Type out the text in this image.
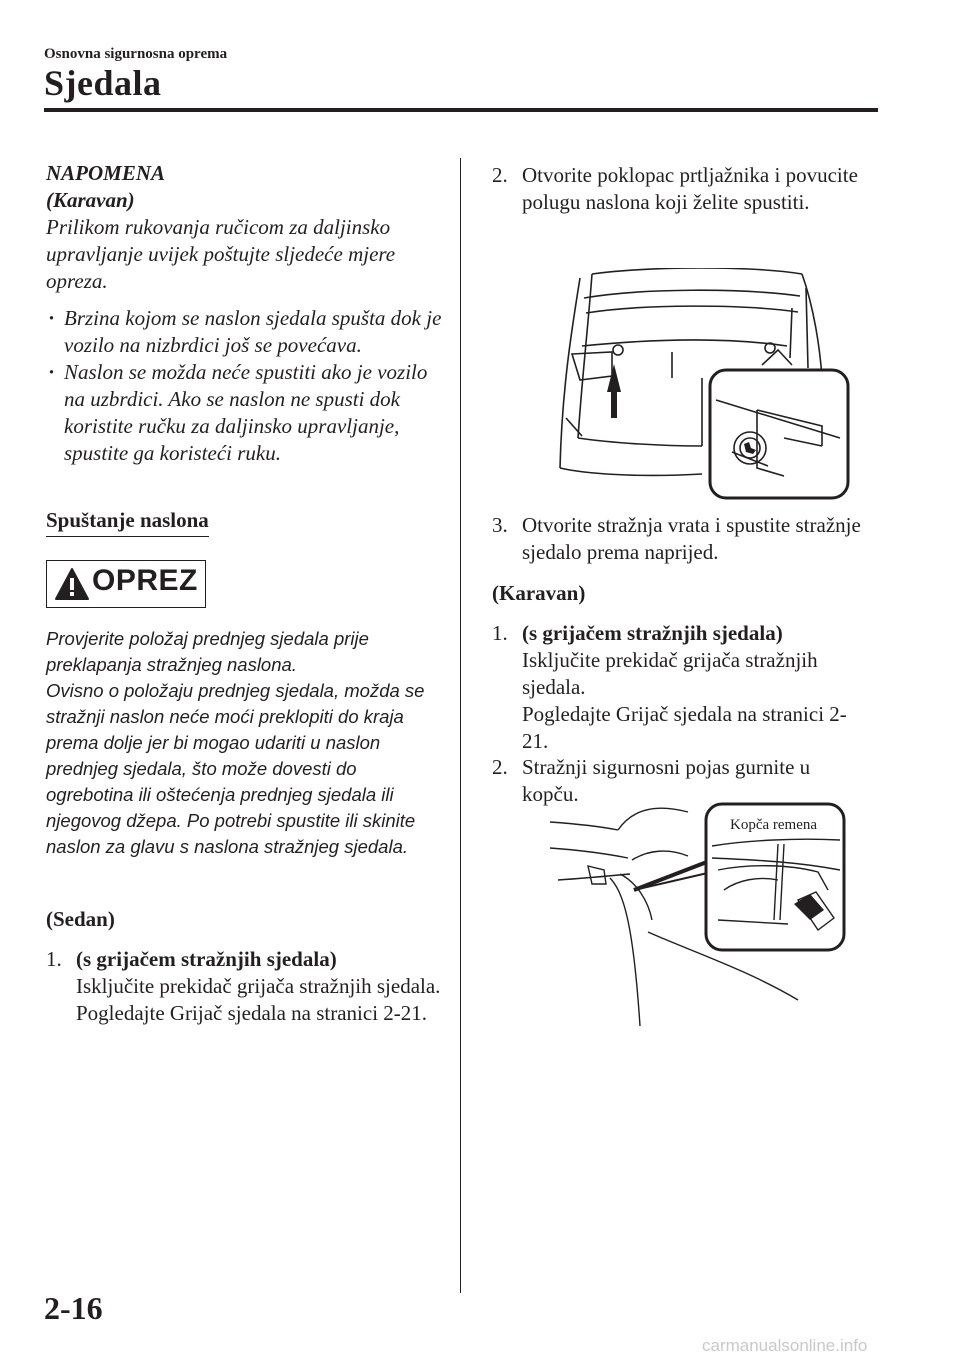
Osnovna sigurnosna oprema
Sjedala

NAPOMENA

(Karavan)

Prilikom rukovanja ručicom za daljinsko upravljanje uvijek poštujte sljedeće mjere opreza.

· Brzina kojom se naslon sjedala spušta dok je vozilo na nizbrdici još se povećava.

· Naslon se možda neće spustiti ako je vozilo na uzbrdici. Ako se naslon ne spusti dok koristite ručku za daljinsko upravljanje, spustite ga koristeći ruku.

Spuštanje naslona
OPREZ

Provjerite položaj prednjeg sjedala prije preklapanja stražnjeg naslona.

Ovisno o položaju prednjeg sjedala, možda se stražnji naslon neće moći preklopiti do kraja prema dolje jer bi mogao udariti u naslon prednjeg sjedala, što može dovesti do ogrebotina ili oštećenja prednjeg sjedala ili njegovog džepa. Po potrebi spustite ili skinite naslon za glavu s naslona stražnjeg sjedala.

(Sedan)
1. (s grijačem stražnjih sjedala)
Isključite prekidač grijača stražnjih sjedala.
Pogledajte Grijač sjedala na stranici 2-21.
2. Otvorite poklopac prtljažnika i povucite polugu naslona koji želite spustiti.
3. Otvorite stražnja vrata i spustite stražnje sjedalo prema naprijed.
(Karavan)
1. (s grijačem stražnjih sjedala)
Isključite prekidač grijača stražnjih sjedala.
Pogledajte Grijač sjedala na stranici 2-21.
2. Stražnji sigurnosni pojas gurnite u kopču.
Kopča remena
2-16
carmanualsonline.info
